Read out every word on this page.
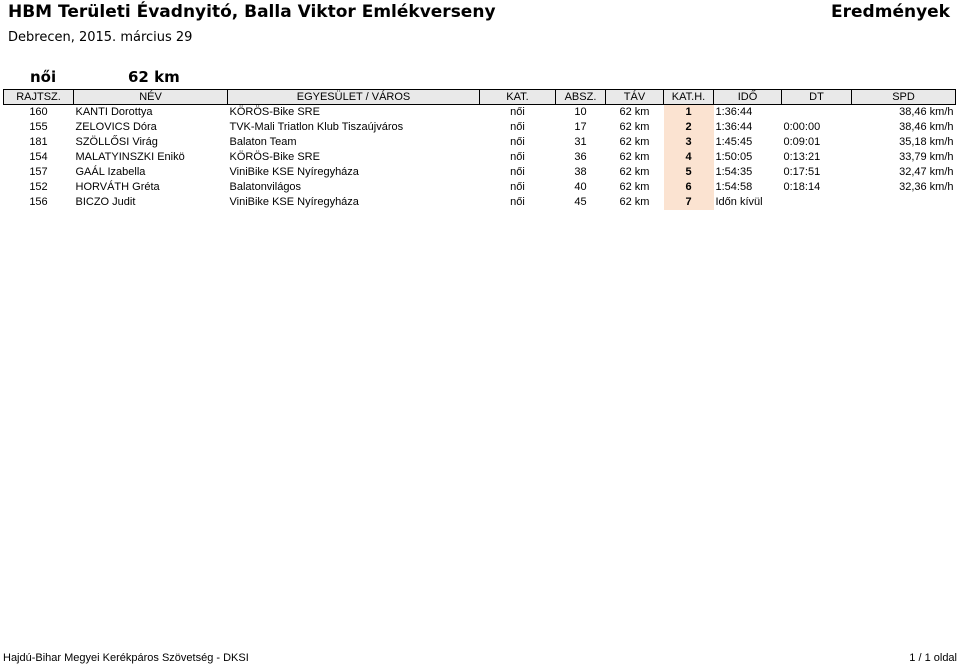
HBM Területi Évadnyitó, Balla Viktor Emlékverseny	Eredmények
Debrecen, 2015. március 29
női	62 km
RAJTSZ.	NÉV	EGYESÜLET / VÁROS	KAT.	ABSZ.	TÁV	KAT.H.	IDŐ	DT	SPD
160	KANTI Dorottya	KÖRÖS-Bike SRE	női	10	62 km	1	1:36:44		38,46 km/h
155	ZELOVICS Dóra	TVK-Mali Triatlon Klub Tiszaújváros	női	17	62 km	2	1:36:44	0:00:00	38,46 km/h
181	SZÖLLŐSI Virág	Balaton Team	női	31	62 km	3	1:45:45	0:09:01	35,18 km/h
154	MALATYINSZKI Enikö	KÖRÖS-Bike SRE	női	36	62 km	4	1:50:05	0:13:21	33,79 km/h
157	GAÁL Izabella	ViniBike KSE Nyíregyháza	női	38	62 km	5	1:54:35	0:17:51	32,47 km/h
152	HORVÁTH Gréta	Balatonvilágos	női	40	62 km	6	1:54:58	0:18:14	32,36 km/h
156	BICZO Judit	ViniBike KSE Nyíregyháza	női	45	62 km	7	Időn kívül		
Hajdú-Bihar Megyei Kerékpáros Szövetség - DKSI	1 / 1 oldal
